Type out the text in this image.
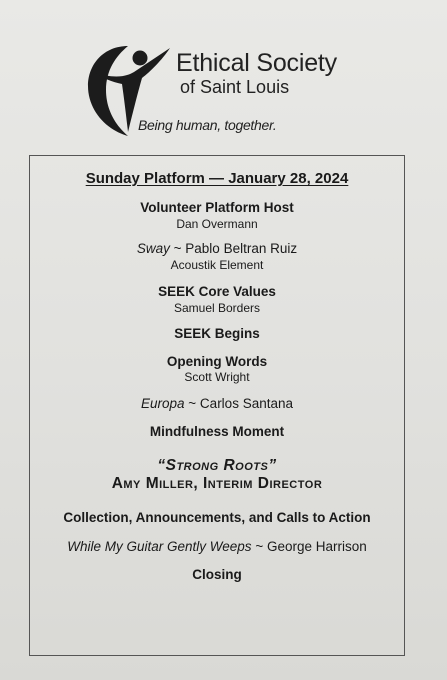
Ethical Society
of Saint Louis
Being human, together.
Sunday Platform — January 28, 2024
Volunteer Platform Host
Dan Overmann
Sway ~ Pablo Beltran Ruiz
Acoustik Element
SEEK Core Values
Samuel Borders
SEEK Begins
Opening Words
Scott Wright
Europa ~ Carlos Santana
Mindfulness Moment
“Strong Roots”
Amy Miller, Interim Director
Collection, Announcements, and Calls to Action
While My Guitar Gently Weeps ~ George Harrison
Closing
